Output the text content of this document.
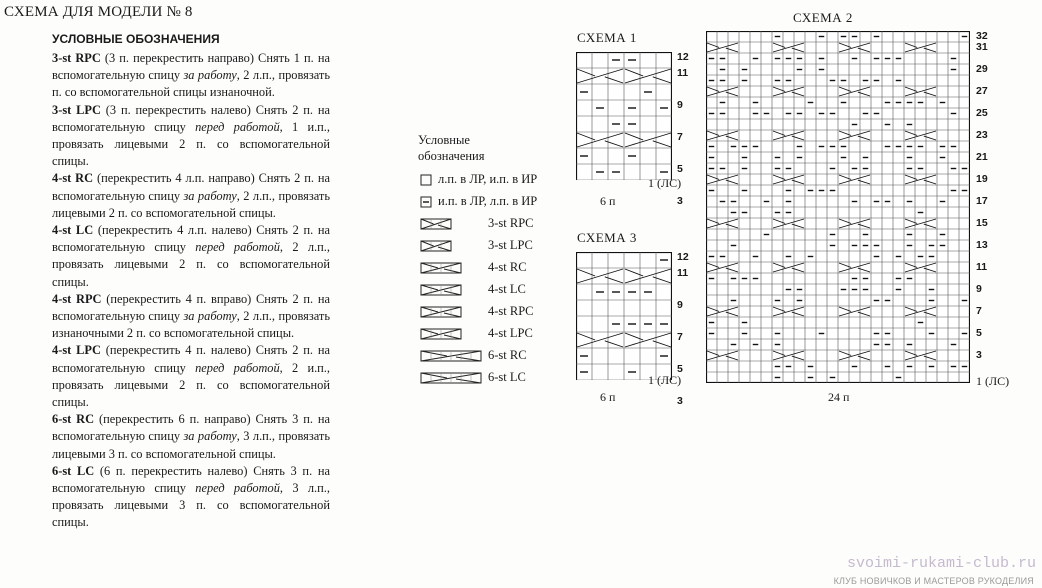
СХЕМА ДЛЯ МОДЕЛИ № 8
УСЛОВНЫЕ ОБОЗНАЧЕНИЯ

3-st RPC (3 п. перекрестить направо) Снять 1 п. на вспомогательную спицу за работу, 2 л.п., провязать п. со вспомогательной спицы изнаночной.

3-st LPC (3 п. перекрестить налево) Снять 2 п. на вспомогательную спицу перед работой, 1 и.п., провязать лицевыми 2 п. со вспомогательной спицы.

4-st RC (перекрестить 4 л.п. направо) Снять 2 п. на вспомогательную спицу за работу, 2 л.п., провязать лицевыми 2 п. со вспомогательной спицы.

4-st LC (перекрестить 4 л.п. налево) Снять 2 п. на вспомогательную спицу перед работой, 2 л.п., провязать лицевыми 2 п. со вспомогательной спицы.

4-st RPC (перекрестить 4 п. вправо) Снять 2 п. на вспомогательную спицу за работу, 2 л.п., провязать изнаночными 2 п. со вспомогательной спицы.

4-st LPC (перекрестить 4 п. налево) Снять 2 п. на вспомогательную спицу перед работой, 2 и.п., провязать лицевыми 2 п. со вспомогательной спицы.

6-st RC (перекрестить 6 п. направо) Снять 3 п. на вспомогательную спицу за работу, 3 л.п., провязать лицевыми 3 п. со вспомогательной спицы.

6-st LC (6 п. перекрестить налево) Снять 3 п. на вспомогательную спицу перед работой, 3 л.п., провязать лицевыми 3 п. со вспомогательной спицы.

Условные
обозначения
л.п. в ЛР, и.п. в ИР
и.п. в ЛР, л.п. в ИР
3-st RPC
3-st LPC
4-st RC
4-st LC
4-st RPC
4-st LPC
6-st RC
6-st LC
СХЕМА 1
12
11
9
7
5
3
1 (ЛС)
6 п
СХЕМА 3
12
11
9
7
5
3
1 (ЛС)
6 п
СХЕМА 2
32
31
29
27
25
23
21
19
17
15
13
11
9
7
5
3
1 (ЛС)
24 п
svoimi-rukami-club.ru
КЛУБ НОВИЧКОВ И МАСТЕРОВ РУКОДЕЛИЯ
